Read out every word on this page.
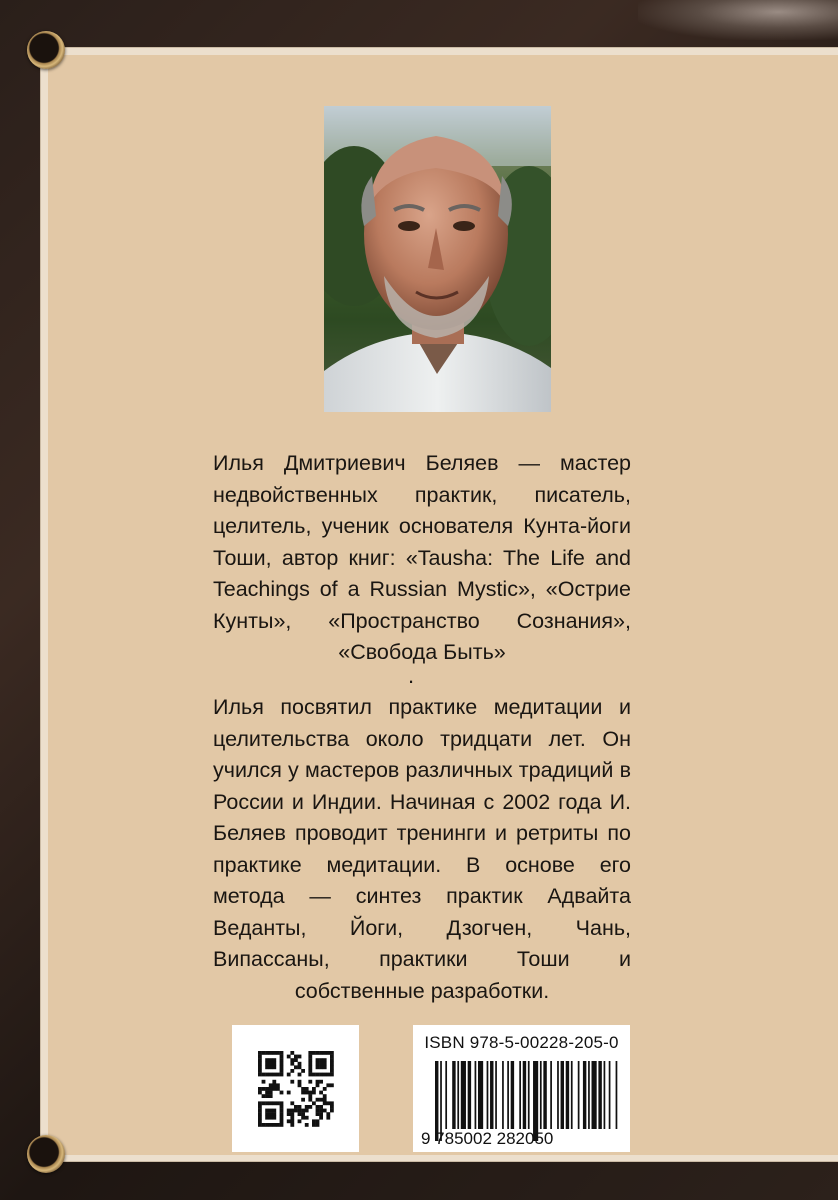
Илья Дмитриевич Беляев — мастер недвойственных практик, писатель, целитель, ученик основателя Кунта-йоги Тоши, автор книг: «Tausha: The Life and Teachings of a Russian Mystic», «Острие Кунты», «Пространство Сознания», «Свобода Быть»

.

Илья посвятил практике медитации и целительства около тридцати лет. Он учился у мастеров различных традиций в России и Индии. Начиная с 2002 года И. Беляев проводит тренинги и ретриты по практике медитации. В основе его метода — синтез практик Адвайта Веданты, Йоги, Дзогчен, Чань, Випассаны, практики Тоши и собственные разработки.

ISBN 978-5-00228-205-0
9 785002 282050
